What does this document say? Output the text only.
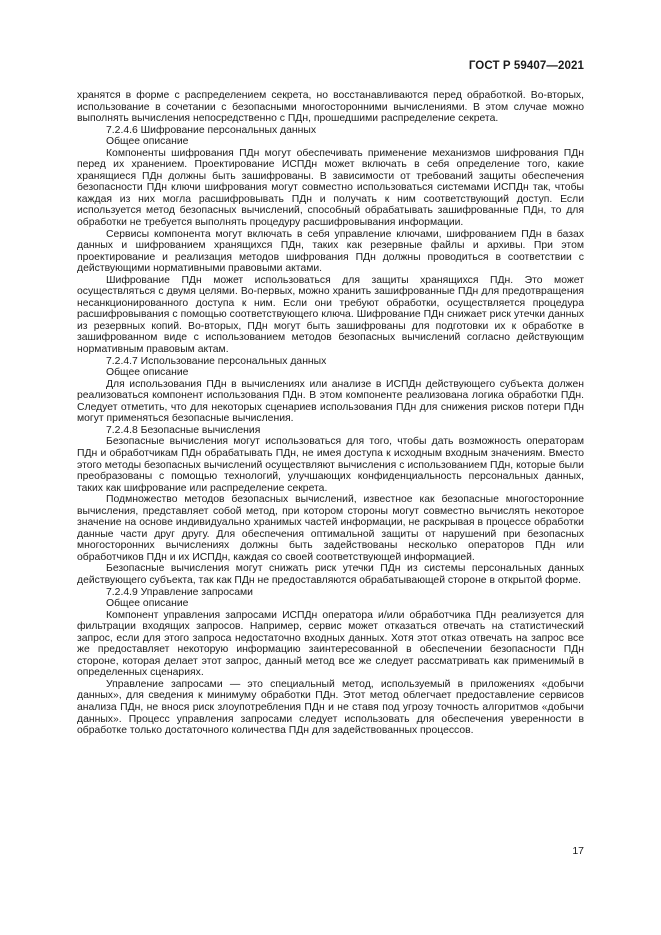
ГОСТ Р 59407—2021

хранятся в форме с распределением секрета, но восстанавливаются перед обработкой. Во-вторых, использование в сочетании с безопасными многосторонними вычислениями. В этом случае можно выполнять вычисления непосредственно с ПДн, прошедшими распределение секрета.

7.2.4.6 Шифрование персональных данных

Общее описание

Компоненты шифрования ПДн могут обеспечивать применение механизмов шифрования ПДн перед их хранением. Проектирование ИСПДн может включать в себя определение того, какие хранящиеся ПДн должны быть зашифрованы. В зависимости от требований защиты обеспечения безопасности ПДн ключи шифрования могут совместно использоваться системами ИСПДн так, чтобы каждая из них могла расшифровывать ПДн и получать к ним соответствующий доступ. Если используется метод безопасных вычислений, способный обрабатывать зашифрованные ПДн, то для обработки не требуется выполнять процедуру расшифровывания информации.

Сервисы компонента могут включать в себя управление ключами, шифрованием ПДн в базах данных и шифрованием хранящихся ПДн, таких как резервные файлы и архивы. При этом проектирование и реализация методов шифрования ПДн должны проводиться в соответствии с действующими нормативными правовыми актами.

Шифрование ПДн может использоваться для защиты хранящихся ПДн. Это может осуществляться с двумя целями. Во-первых, можно хранить зашифрованные ПДн для предотвращения несанкционированного доступа к ним. Если они требуют обработки, осуществляется процедура расшифровывания с помощью соответствующего ключа. Шифрование ПДн снижает риск утечки данных из резервных копий. Во-вторых, ПДн могут быть зашифрованы для подготовки их к обработке в зашифрованном виде с использованием методов безопасных вычислений согласно действующим нормативным правовым актам.

7.2.4.7 Использование персональных данных

Общее описание

Для использования ПДн в вычислениях или анализе в ИСПДн действующего субъекта должен реализоваться компонент использования ПДн. В этом компоненте реализована логика обработки ПДн. Следует отметить, что для некоторых сценариев использования ПДн для снижения рисков потери ПДн могут применяться безопасные вычисления.

7.2.4.8 Безопасные вычисления

Безопасные вычисления могут использоваться для того, чтобы дать возможность операторам ПДн и обработчикам ПДн обрабатывать ПДн, не имея доступа к исходным входным значениям. Вместо этого методы безопасных вычислений осуществляют вычисления с использованием ПДн, которые были преобразованы с помощью технологий, улучшающих конфиденциальность персональных данных, таких как шифрование или распределение секрета.

Подмножество методов безопасных вычислений, известное как безопасные многосторонние вычисления, представляет собой метод, при котором стороны могут совместно вычислять некоторое значение на основе индивидуально хранимых частей информации, не раскрывая в процессе обработки данные части друг другу. Для обеспечения оптимальной защиты от нарушений при безопасных многосторонних вычислениях должны быть задействованы несколько операторов ПДн или обработчиков ПДн и их ИСПДн, каждая со своей соответствующей информацией.

Безопасные вычисления могут снижать риск утечки ПДн из системы персональных данных действующего субъекта, так как ПДн не предоставляются обрабатывающей стороне в открытой форме.

7.2.4.9 Управление запросами

Общее описание

Компонент управления запросами ИСПДн оператора и/или обработчика ПДн реализуется для фильтрации входящих запросов. Например, сервис может отказаться отвечать на статистический запрос, если для этого запроса недостаточно входных данных. Хотя этот отказ отвечать на запрос все же предоставляет некоторую информацию заинтересованной в обеспечении безопасности ПДн стороне, которая делает этот запрос, данный метод все же следует рассматривать как применимый в определенных сценариях.

Управление запросами — это специальный метод, используемый в приложениях «добычи данных», для сведения к минимуму обработки ПДн. Этот метод облегчает предоставление сервисов анализа ПДн, не внося риск злоупотребления ПДн и не ставя под угрозу точность алгоритмов «добычи данных». Процесс управления запросами следует использовать для обеспечения уверенности в обработке только достаточного количества ПДн для задействованных процессов.

17
